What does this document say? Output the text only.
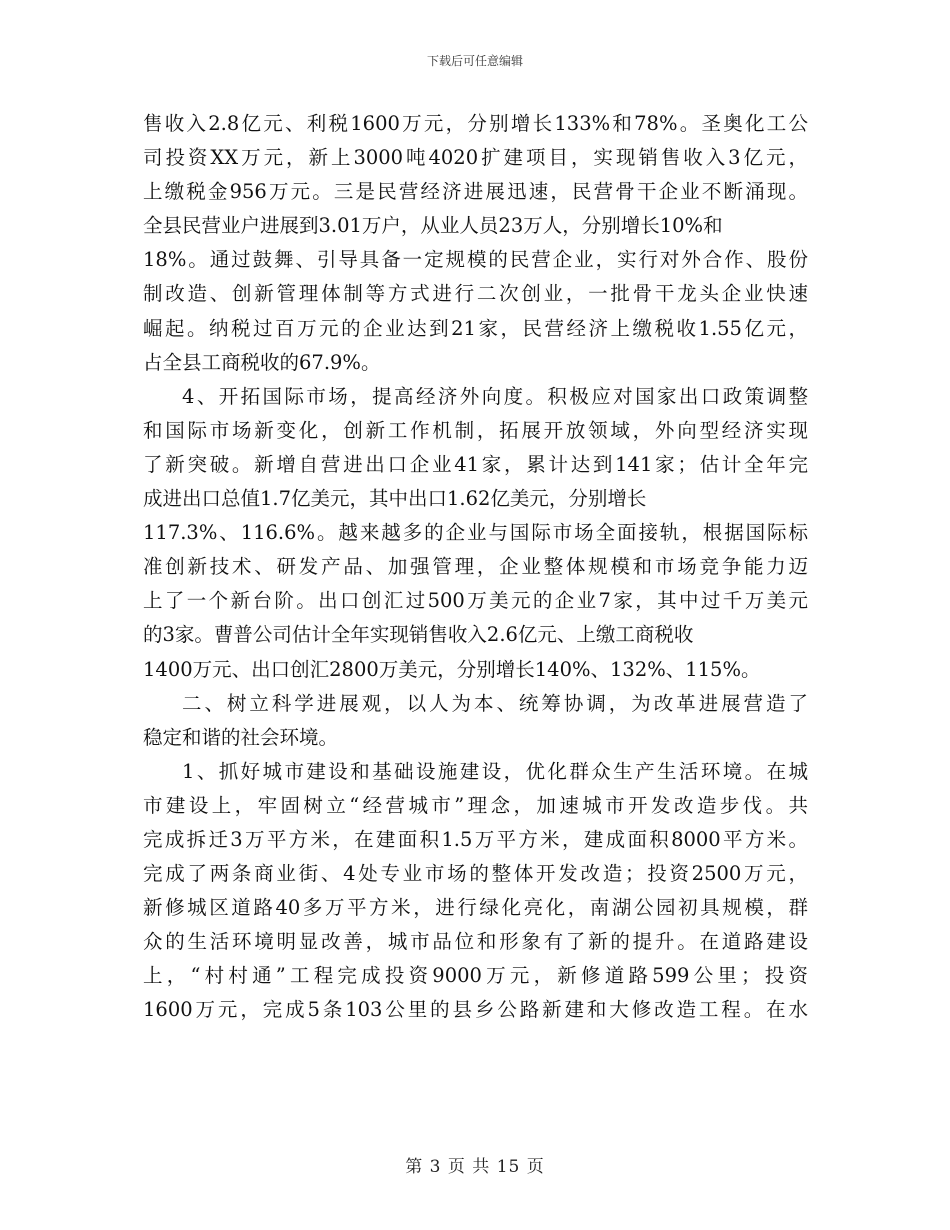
下载后可任意编辑
售收入2.8亿元、利税1600万元，分别增长133%和78%。圣奥化工公
司投资XX万元，新上3000吨4020扩建项目，实现销售收入3亿元，
上缴税金956万元。三是民营经济进展迅速，民营骨干企业不断涌现。
全县民营业户进展到3.01万户，从业人员23万人，分别增长10%和
18%。通过鼓舞、引导具备一定规模的民营企业，实行对外合作、股份
制改造、创新管理体制等方式进行二次创业，一批骨干龙头企业快速
崛起。纳税过百万元的企业达到21家，民营经济上缴税收1.55亿元，
占全县工商税收的67.9%。
4、开拓国际市场，提高经济外向度。积极应对国家出口政策调整
和国际市场新变化，创新工作机制，拓展开放领域，外向型经济实现
了新突破。新增自营进出口企业41家，累计达到141家；估计全年完
成进出口总值1.7亿美元，其中出口1.62亿美元，分别增长
117.3%、116.6%。越来越多的企业与国际市场全面接轨，根据国际标
准创新技术、研发产品、加强管理，企业整体规模和市场竞争能力迈
上了一个新台阶。出口创汇过500万美元的企业7家，其中过千万美元
的3家。曹普公司估计全年实现销售收入2.6亿元、上缴工商税收
1400万元、出口创汇2800万美元，分别增长140%、132%、115%。
二、树立科学进展观，以人为本、统筹协调，为改革进展营造了
稳定和谐的社会环境。
1、抓好城市建设和基础设施建设，优化群众生产生活环境。在城
市建设上，牢固树立“经营城市”理念，加速城市开发改造步伐。共
完成拆迁3万平方米，在建面积1.5万平方米，建成面积8000平方米。
完成了两条商业街、4处专业市场的整体开发改造；投资2500万元，
新修城区道路40多万平方米，进行绿化亮化，南湖公园初具规模，群
众的生活环境明显改善，城市品位和形象有了新的提升。在道路建设
上，“村村通”工程完成投资9000万元，新修道路599公里；投资
1600万元，完成5条103公里的县乡公路新建和大修改造工程。在水
第 3 页 共 15 页
